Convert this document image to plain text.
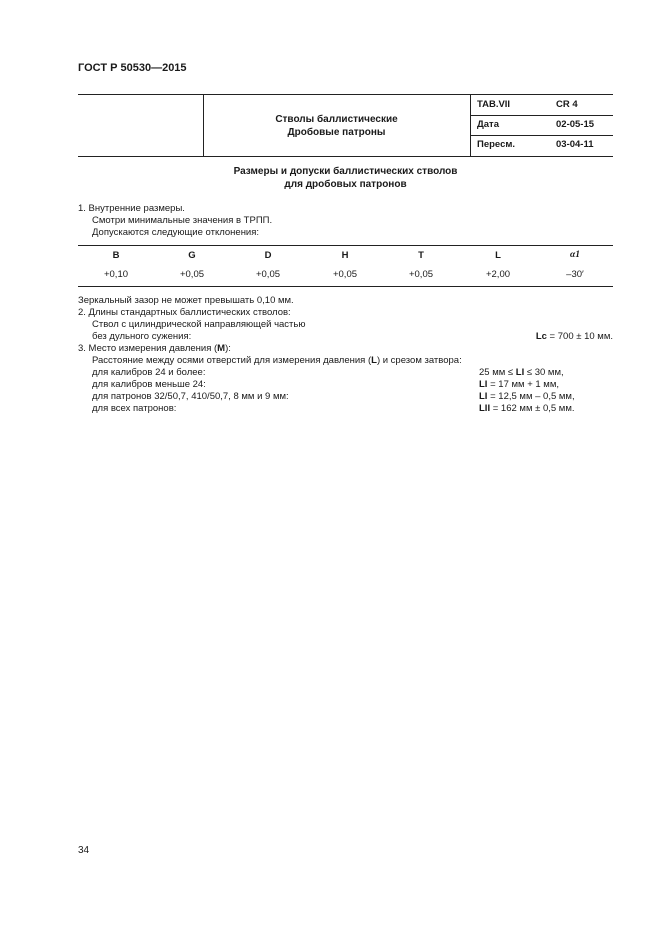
ГОСТ Р 50530—2015
Стволы баллистические
Дробовые патроны
TAB.VII	CR 4
Дата	02-05-15
Пересм.	03-04-11
Размеры и допуски баллистических стволов
для дробовых патронов
1. Внутренние размеры.
Смотри минимальные значения в ТРПП.
Допускаются следующие отклонения:
B	G	D	H	T	L	α1
+0,10	+0,05	+0,05	+0,05	+0,05	+2,00	–30′
Зеркальный зазор не может превышать 0,10 мм.
2. Длины стандартных баллистических стволов:
Ствол с цилиндрической направляющей частью
без дульного сужения:	Lc = 700 ± 10 мм.
3. Место измерения давления (M):
Расстояние между осями отверстий для измерения давления (L) и срезом затвора:
для калибров 24 и более:	25 мм ≤ LI ≤ 30 мм,
для калибров меньше 24:	LI = 17 мм + 1 мм,
для патронов 32/50,7, 410/50,7, 8 мм и 9 мм:	LI = 12,5 мм – 0,5 мм,
для всех патронов:	LII = 162 мм ± 0,5 мм.
34
